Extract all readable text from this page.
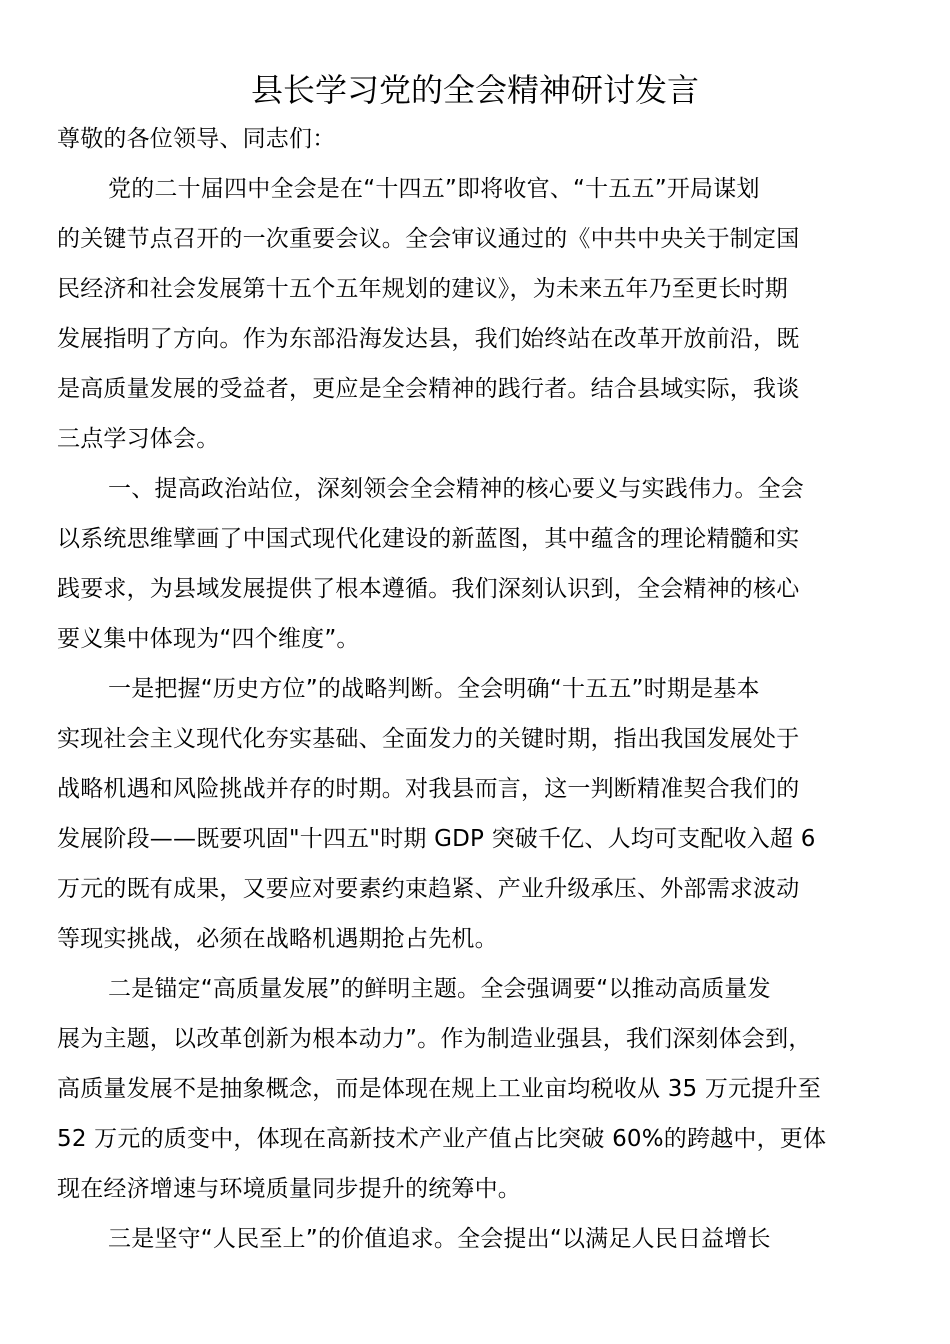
县长学习党的全会精神研讨发言
尊敬的各位领导、同志们：
党的二十届四中全会是在“十四五”即将收官、“十五五”开局谋划
的关键节点召开的一次重要会议。全会审议通过的《中共中央关于制定国
民经济和社会发展第十五个五年规划的建议》，为未来五年乃至更长时期
发展指明了方向。作为东部沿海发达县，我们始终站在改革开放前沿，既
是高质量发展的受益者，更应是全会精神的践行者。结合县域实际，我谈
三点学习体会。
一、提高政治站位，深刻领会全会精神的核心要义与实践伟力。全会
以系统思维擘画了中国式现代化建设的新蓝图，其中蕴含的理论精髓和实
践要求，为县域发展提供了根本遵循。我们深刻认识到，全会精神的核心
要义集中体现为“四个维度”。
一是把握“历史方位”的战略判断。全会明确“十五五”时期是基本
实现社会主义现代化夯实基础、全面发力的关键时期，指出我国发展处于
战略机遇和风险挑战并存的时期。对我县而言，这一判断精准契合我们的
发展阶段——既要巩固"十四五"时期 GDP 突破千亿、人均可支配收入超 6
万元的既有成果，又要应对要素约束趋紧、产业升级承压、外部需求波动
等现实挑战，必须在战略机遇期抢占先机。
二是锚定“高质量发展”的鲜明主题。全会强调要“以推动高质量发
展为主题，以改革创新为根本动力”。作为制造业强县，我们深刻体会到，
高质量发展不是抽象概念，而是体现在规上工业亩均税收从 35 万元提升至
52 万元的质变中，体现在高新技术产业产值占比突破 60%的跨越中，更体
现在经济增速与环境质量同步提升的统筹中。
三是坚守“人民至上”的价值追求。全会提出“以满足人民日益增长
